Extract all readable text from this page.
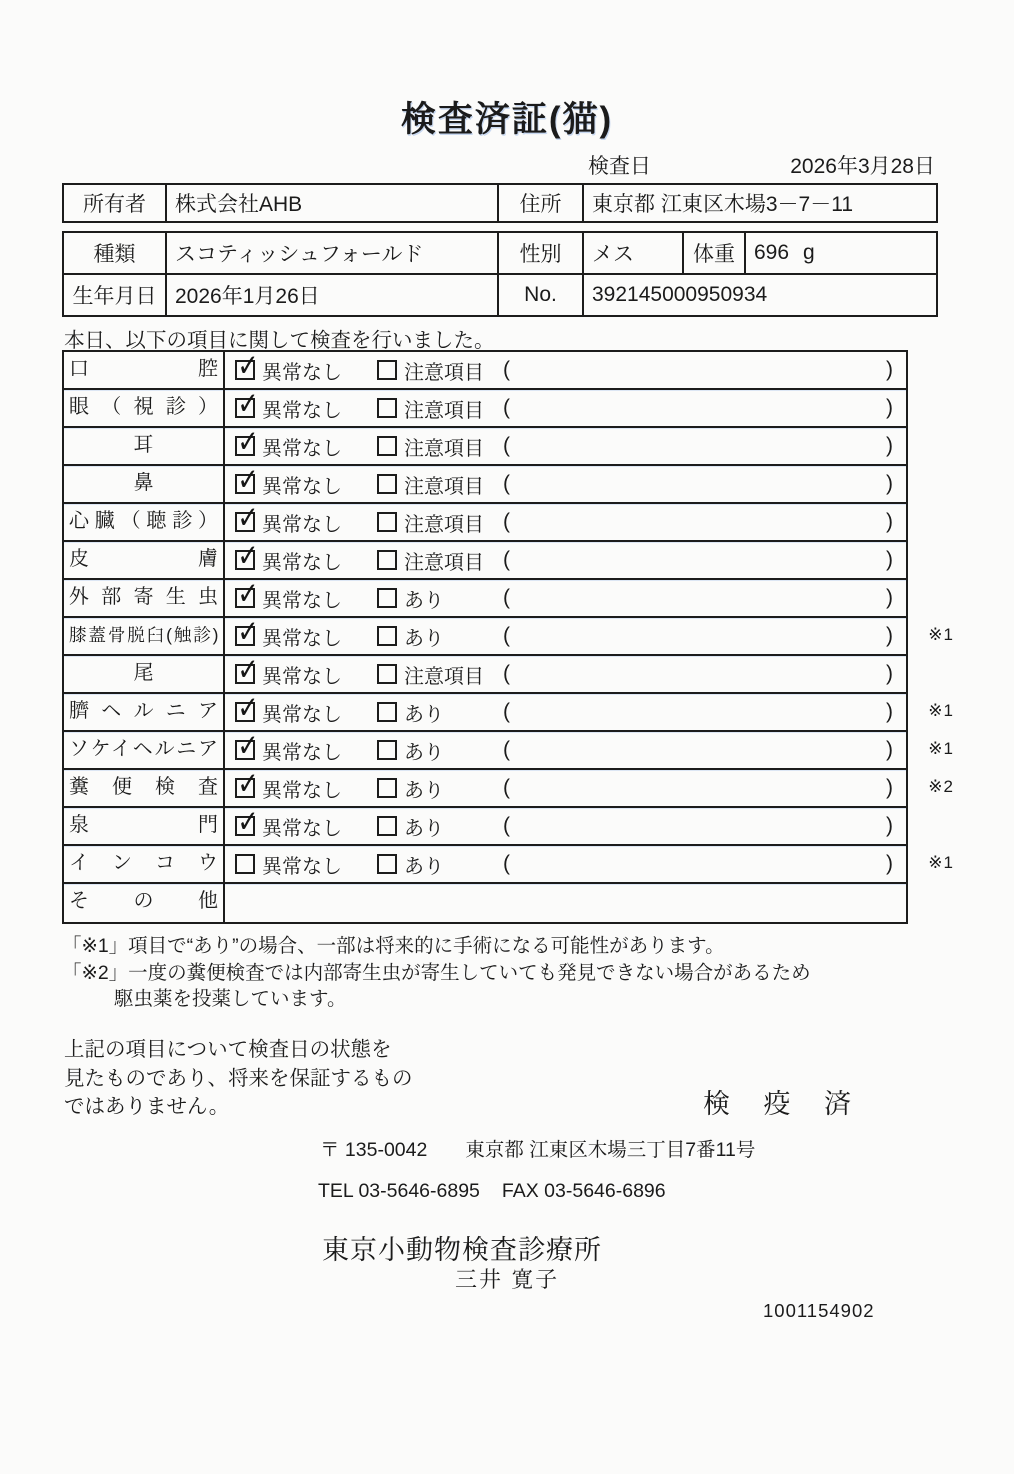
検査済証(猫)
検査日	2026年3月28日
所有者	株式会社AHB	住所	東京都 江東区木場3－7－11
種類	スコティッシュフォールド	性別	メス	体重	696 g
生年月日	2026年1月26日	No.	392145000950934		
本日、以下の項目に関して検査を行いました。
口腔 ✓	異常なし	注意項目 (	)
眼（視診） ✓	異常なし	注意項目 (	)
耳 ✓	異常なし	注意項目 (	)
鼻 ✓	異常なし	注意項目 (	)
心臓（聴診） ✓	異常なし	注意項目 (	)
皮膚 ✓	異常なし	注意項目 (	)
外部寄生虫 ✓	異常なし	あり	(	)
膝蓋骨脱臼(触診) ✓	異常なし	あり	(	) ※1
尾 ✓	異常なし	注意項目 (	)
臍ヘルニア ✓	異常なし	あり	(	) ※1
ソケイヘルニア ✓	異常なし	あり	(	) ※1
糞便検査 ✓	異常なし	あり	(	) ※2
泉門 ✓	異常なし	あり	(	)
インコウ	異常なし	あり	(	) ※1
その他
「※1」項目で“あり”の場合、一部は将来的に手術になる可能性があります。
「※2」一度の糞便検査では内部寄生虫が寄生していても発見できない場合があるため
駆虫薬を投薬しています。
上記の項目について検査日の状態を
見たものであり、将来を保証するもの
ではありません。	検 疫 済
〒 135-0042 東京都 江東区木場三丁目7番11号
TEL 03-5646-6895 FAX 03-5646-6896
東京小動物検査診療所
三井 寛子
1001154902
